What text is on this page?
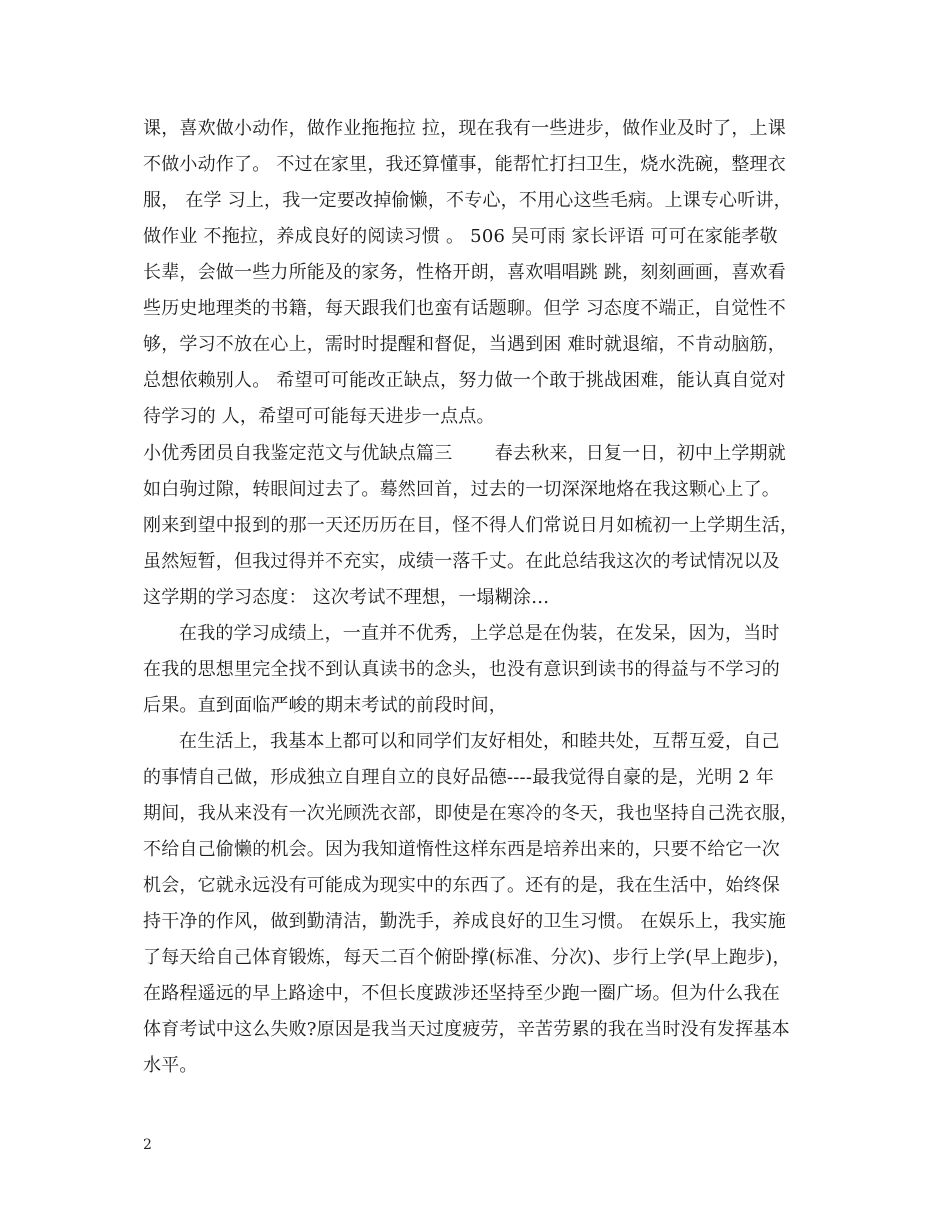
课，喜欢做小动作，做作业拖拖拉 拉，现在我有一些进步，做作业及时了，上课
不做小动作了。 不过在家里，我还算懂事，能帮忙打扫卫生，烧水洗碗，整理衣
服， 在学 习上，我一定要改掉偷懒，不专心，不用心这些毛病。上课专心听讲，
做作业 不拖拉，养成良好的阅读习惯 。 506 吴可雨 家长评语 可可在家能孝敬
长辈，会做一些力所能及的家务，性格开朗，喜欢唱唱跳 跳，刻刻画画，喜欢看
些历史地理类的书籍，每天跟我们也蛮有话题聊。但学 习态度不端正，自觉性不
够，学习不放在心上，需时时提醒和督促，当遇到困 难时就退缩，不肯动脑筋，
总想依赖别人。 希望可可能改正缺点，努力做一个敢于挑战困难，能认真自觉对
待学习的 人，希望可可能每天进步一点点。
小优秀团员自我鉴定范文与优缺点篇三　　 春去秋来，日复一日，初中上学期就
如白驹过隙，转眼间过去了。蓦然回首，过去的一切深深地烙在我这颗心上了。
刚来到望中报到的那一天还历历在目，怪不得人们常说日月如梳初一上学期生活，
虽然短暂，但我过得并不充实，成绩一落千丈。在此总结我这次的考试情况以及
这学期的学习态度： 这次考试不理想，一塌糊涂…
在我的学习成绩上，一直并不优秀，上学总是在伪装，在发呆，因为，当时
在我的思想里完全找不到认真读书的念头，也没有意识到读书的得益与不学习的
后果。直到面临严峻的期末考试的前段时间，
在生活上，我基本上都可以和同学们友好相处，和睦共处，互帮互爱，自己
的事情自己做，形成独立自理自立的良好品德----最我觉得自豪的是，光明 2 年
期间，我从来没有一次光顾洗衣部，即使是在寒冷的冬天，我也坚持自己洗衣服，
不给自己偷懒的机会。因为我知道惰性这样东西是培养出来的，只要不给它一次
机会，它就永远没有可能成为现实中的东西了。还有的是，我在生活中，始终保
持干净的作风，做到勤清洁，勤洗手，养成良好的卫生习惯。 在娱乐上，我实施
了每天给自己体育锻炼，每天二百个俯卧撑(标准、分次)、步行上学(早上跑步)，
在路程遥远的早上路途中，不但长度跋涉还坚持至少跑一圈广场。但为什么我在
体育考试中这么失败?原因是我当天过度疲劳，辛苦劳累的我在当时没有发挥基本
水平。
2
